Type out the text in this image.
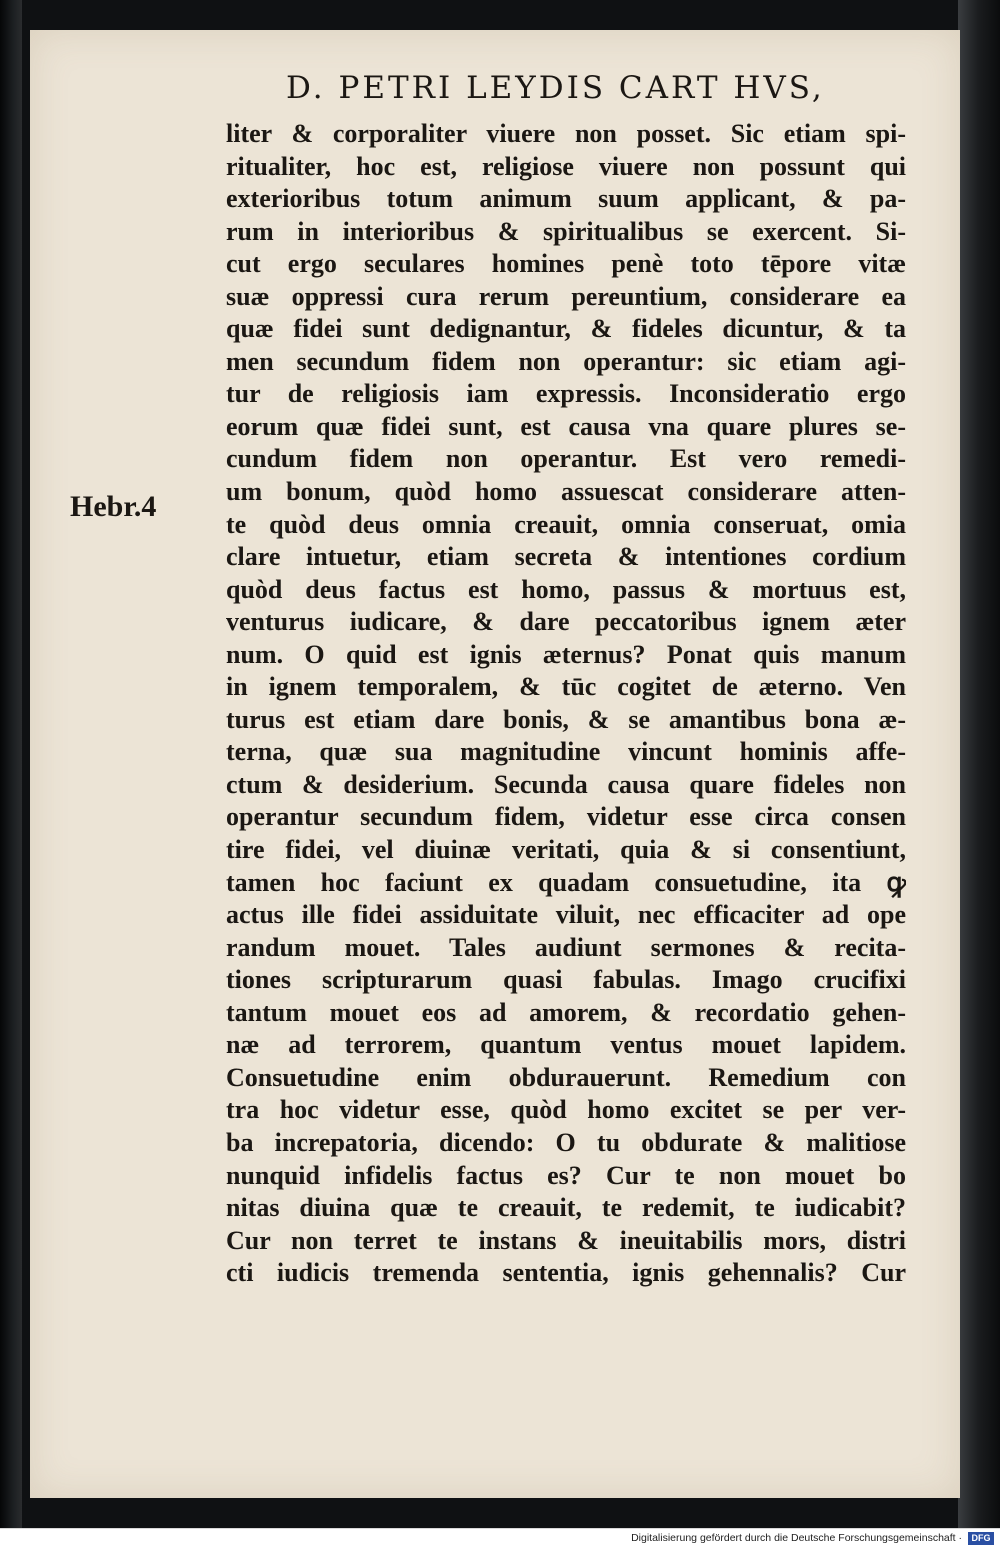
D. PETRI LEYDIS CART HVS,
Hebr.4
liter & corporaliter viuere non posset. Sic etiam spi-
ritualiter, hoc est, religiose viuere non possunt qui
exterioribus totum animum suum applicant, & pa-
rum in interioribus & spiritualibus se exercent. Si-
cut ergo seculares homines penè toto tēpore vitæ
suæ oppressi cura rerum pereuntium, considerare ea
quæ fidei sunt dedignantur, & fideles dicuntur, & ta
men secundum fidem non operantur: sic etiam agi-
tur de religiosis iam expressis. Inconsideratio ergo
eorum quæ fidei sunt, est causa vna quare plures se-
cundum fidem non operantur. Est vero remedi-
um bonum, quòd homo assuescat considerare atten-
te quòd deus omnia creauit, omnia conseruat, omia
clare intuetur, etiam secreta & intentiones cordium
quòd deus factus est homo, passus & mortuus est,
venturus iudicare, & dare peccatoribus ignem æter
num. O quid est ignis æternus? Ponat quis manum
in ignem temporalem, & tūc cogitet de æterno. Ven
turus est etiam dare bonis, & se amantibus bona æ-
terna, quæ sua magnitudine vincunt hominis affe-
ctum & desiderium. Secunda causa quare fideles non
operantur secundum fidem, videtur esse circa consen
tire fidei, vel diuinæ veritati, quia & si consentiunt,
tamen hoc faciunt ex quadam consuetudine, ita ꝙ
actus ille fidei assiduitate viluit, nec efficaciter ad ope
randum mouet. Tales audiunt sermones & recita-
tiones scripturarum quasi fabulas. Imago crucifixi
tantum mouet eos ad amorem, & recordatio gehen-
næ ad terrorem, quantum ventus mouet lapidem.
Consuetudine enim obdurauerunt. Remedium con
tra hoc videtur esse, quòd homo excitet se per ver-
ba increpatoria, dicendo: O tu obdurate & malitiose
nunquid infidelis factus es? Cur te non mouet bo
nitas diuina quæ te creauit, te redemit, te iudicabit?
Cur non terret te instans & ineuitabilis mors, distri
cti iudicis tremenda sententia, ignis gehennalis? Cur
Digitalisierung gefördert durch die Deutsche Forschungsgemeinschaft ·	DFG
